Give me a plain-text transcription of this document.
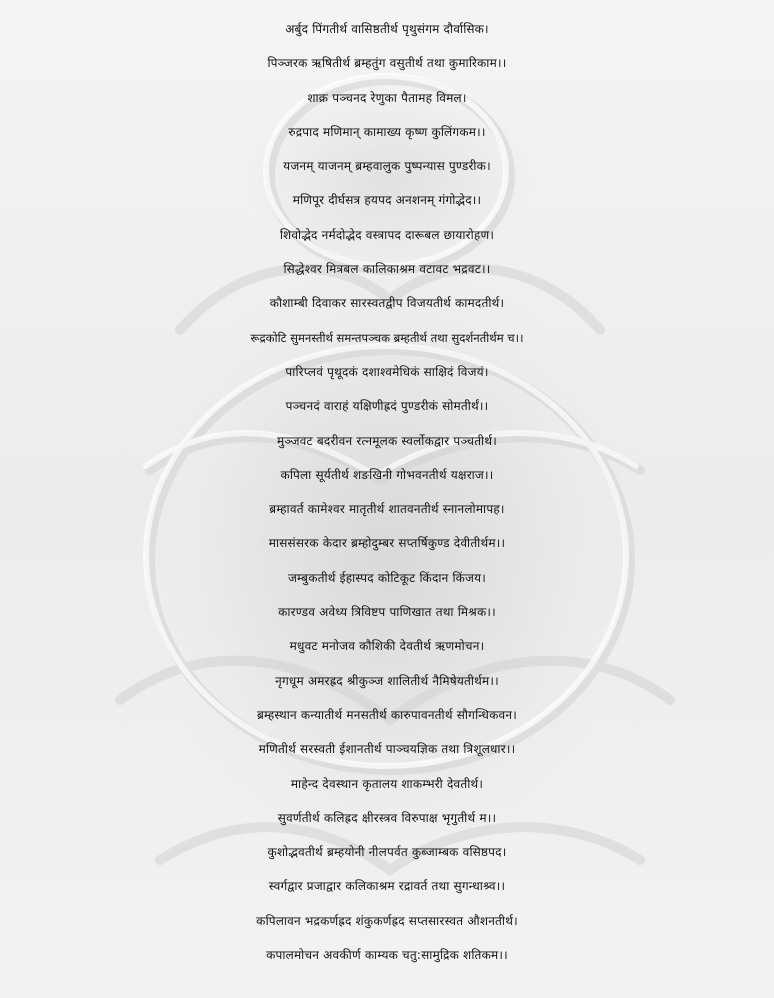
अर्बुद पिंगतीर्थ वासिष्ठतीर्थ पृथुसंगम दौर्वासिक।
पिञ्जरक ऋषितीर्थ ब्रम्हतुंग वसुतीर्थ तथा कुमारिकाम।।
शाक्र पञ्चनद रेणुका पैतामह विमल।
रुद्रपाद मणिमान् कामाख्य कृष्ण कुलिंगकम।।
यजनम् याजनम् ब्रम्हवालुक पुष्पन्यास पुण्डरीक।
मणिपूर दीर्घसत्र हयपद अनशनम् गंगोद्भेद।।
शिवोद्भेद नर्मदोद्भेद वस्त्रापद दारूबल छायारोहण।
सिद्धेश्वर मित्रबल कालिकाश्रम वटावट भद्रवट।।
कौशाम्बी दिवाकर सारस्वतद्वीप विजयतीर्थ कामदतीर्थ।
रूद्रकोटि सुमनस्तीर्थ समन्तपञ्चक ब्रम्हतीर्थ तथा सुदर्शनतीर्थम च।।
पारिप्लवं पृथूदकं दशाश्वमेधिकं साक्षिदं विजयं।
पञ्चनदं वाराहं यक्षिणीह्रदं पुण्डरीकं सोमतीर्थं।।
मुञ्जवट बदरीवन रत्नमूलक स्वर्लोकद्वार पञ्चतीर्थ।
कपिला सूर्यतीर्थ शङखिनी गोभवनतीर्थ यक्षराज।।
ब्रम्हावर्त कामेश्वर मातृतीर्थ शातवनतीर्थ स्नानलोमापह।
माससंसरक केदार ब्रम्होदुम्बर सप्तर्षिकुण्ड देवीतीर्थम।।
जम्बुकतीर्थ ईहास्पद कोटिकूट किंदान किंजय।
कारण्डव अवेध्य त्रिविष्टप पाणिखात तथा मिश्रक।।
मधुवट मनोजव कौशिकी देवतीर्थ ऋणमोचन।
नृगधूम अमरह्रद श्रीकुञ्ज शालितीर्थ नैमिषेयतीर्थम।।
ब्रम्हस्थान कन्यातीर्थ मनसतीर्थ कारुपावनतीर्थ सौगन्धिकवन।
मणितीर्थ सरस्वती ईशानतीर्थ पाञ्चयज्ञिक तथा त्रिशूलधार।।
माहेन्द देवस्थान कृतालय शाकम्भरी देवतीर्थ।
सुवर्णतीर्थ कलिह्रद क्षीरस्त्रव विरुपाक्ष भृगुतीर्थ म।।
कुशोद्भवतीर्थ ब्रम्हयोनी नीलपर्वत कुब्जाम्बक वसिष्ठपद।
स्वर्गद्वार प्रजाद्वार कलिकाश्रम रद्रावर्त तथा सुगन्धाश्र्व।।
कपिलावन भद्रकर्णह्रद शंकुकर्णह्रद सप्तसारस्वत औशनतीर्थ।
कपालमोचन अवकीर्ण काम्यक चतु:सामुद्रिक शतिकम।।
